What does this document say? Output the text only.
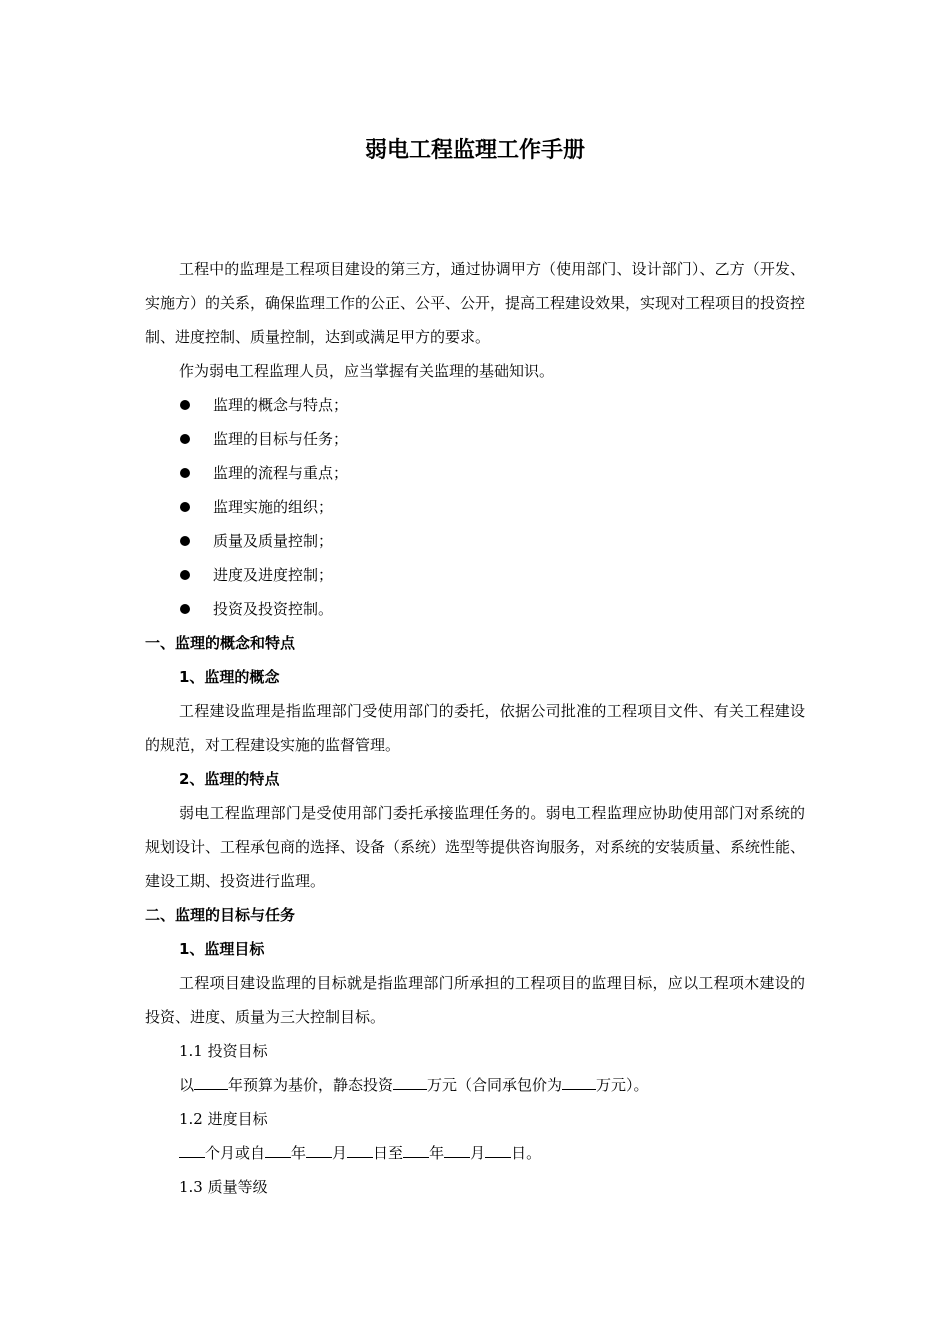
弱电工程监理工作手册

工程中的监理是工程项目建设的第三方，通过协调甲方（使用部门、设计部门）、乙方（开发、实施方）的关系，确保监理工作的公正、公平、公开，提高工程建设效果，实现对工程项目的投资控制、进度控制、质量控制，达到或满足甲方的要求。

作为弱电工程监理人员，应当掌握有关监理的基础知识。

监理的概念与特点；
监理的目标与任务；
监理的流程与重点；
监理实施的组织；
质量及质量控制；
进度及进度控制；
投资及投资控制。

一、监理的概念和特点

1、监理的概念

工程建设监理是指监理部门受使用部门的委托，依据公司批准的工程项目文件、有关工程建设的规范，对工程建设实施的监督管理。

2、监理的特点

弱电工程监理部门是受使用部门委托承接监理任务的。弱电工程监理应协助使用部门对系统的规划设计、工程承包商的选择、设备（系统）选型等提供咨询服务，对系统的安装质量、系统性能、建设工期、投资进行监理。

二、监理的目标与任务

1、监理目标

工程项目建设监理的目标就是指监理部门所承担的工程项目的监理目标，应以工程项木建设的投资、进度、质量为三大控制目标。

1.1 投资目标

以 年预算为基价，静态投资 万元（合同承包价为 万元）。

1.2 进度目标

个月或自 年 月 日至 年 月 日。

1.3 质量等级
